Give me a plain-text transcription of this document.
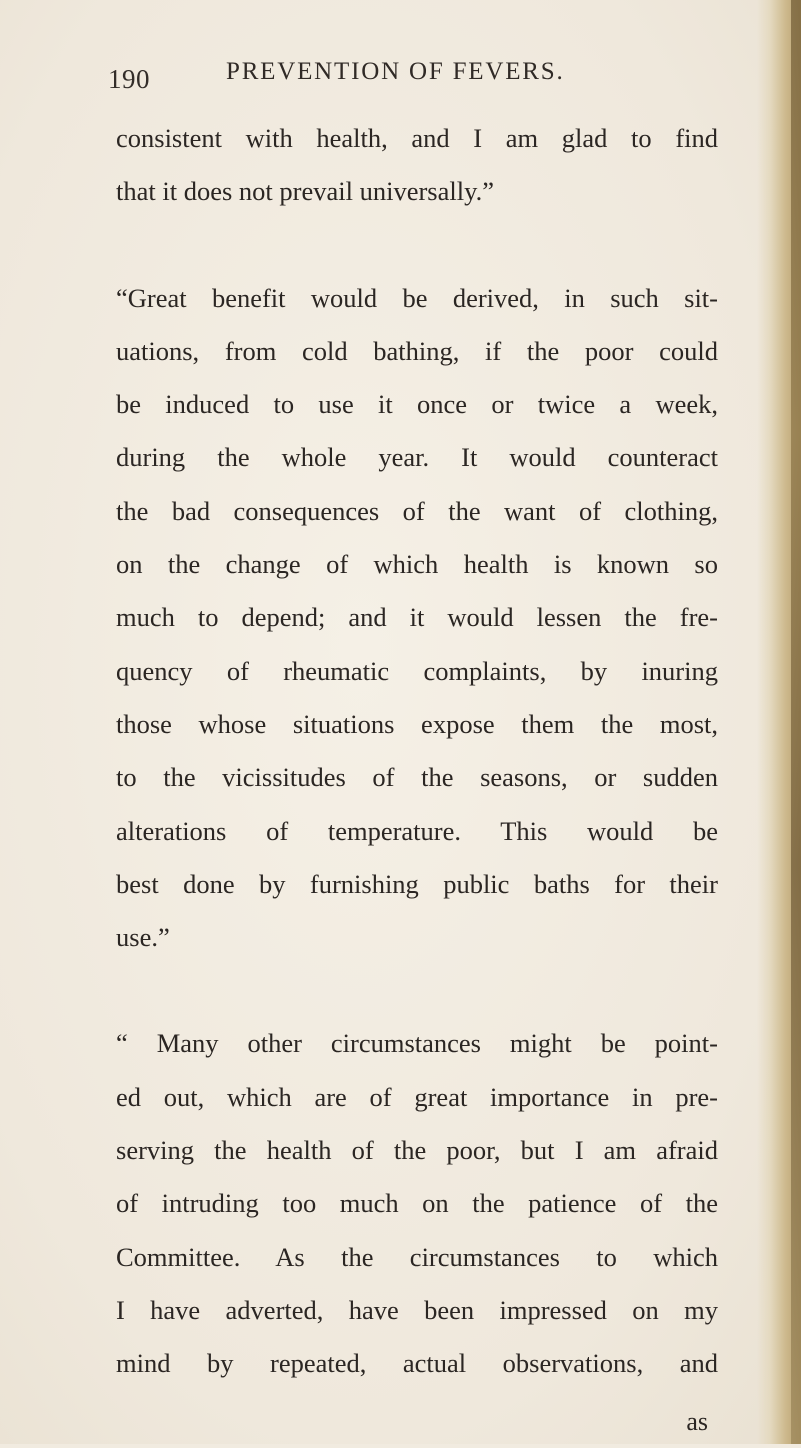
190	PREVENTION OF FEVERS.
consistent with health, and I am glad to find
that it does not prevail universally.”
“Great benefit would be derived, in such sit-
uations, from cold bathing, if the poor could
be induced to use it once or twice a week,
during the whole year. It would counteract
the bad consequences of the want of clothing,
on the change of which health is known so
much to depend; and it would lessen the fre-
quency of rheumatic complaints, by inuring
those whose situations expose them the most,
to the vicissitudes of the seasons, or sudden
alterations of temperature. This would be
best done by furnishing public baths for their
use.”
“ Many other circumstances might be point-
ed out, which are of great importance in pre-
serving the health of the poor, but I am afraid
of intruding too much on the patience of the
Committee. As the circumstances to which
I have adverted, have been impressed on my
mind by repeated, actual observations, and
as
